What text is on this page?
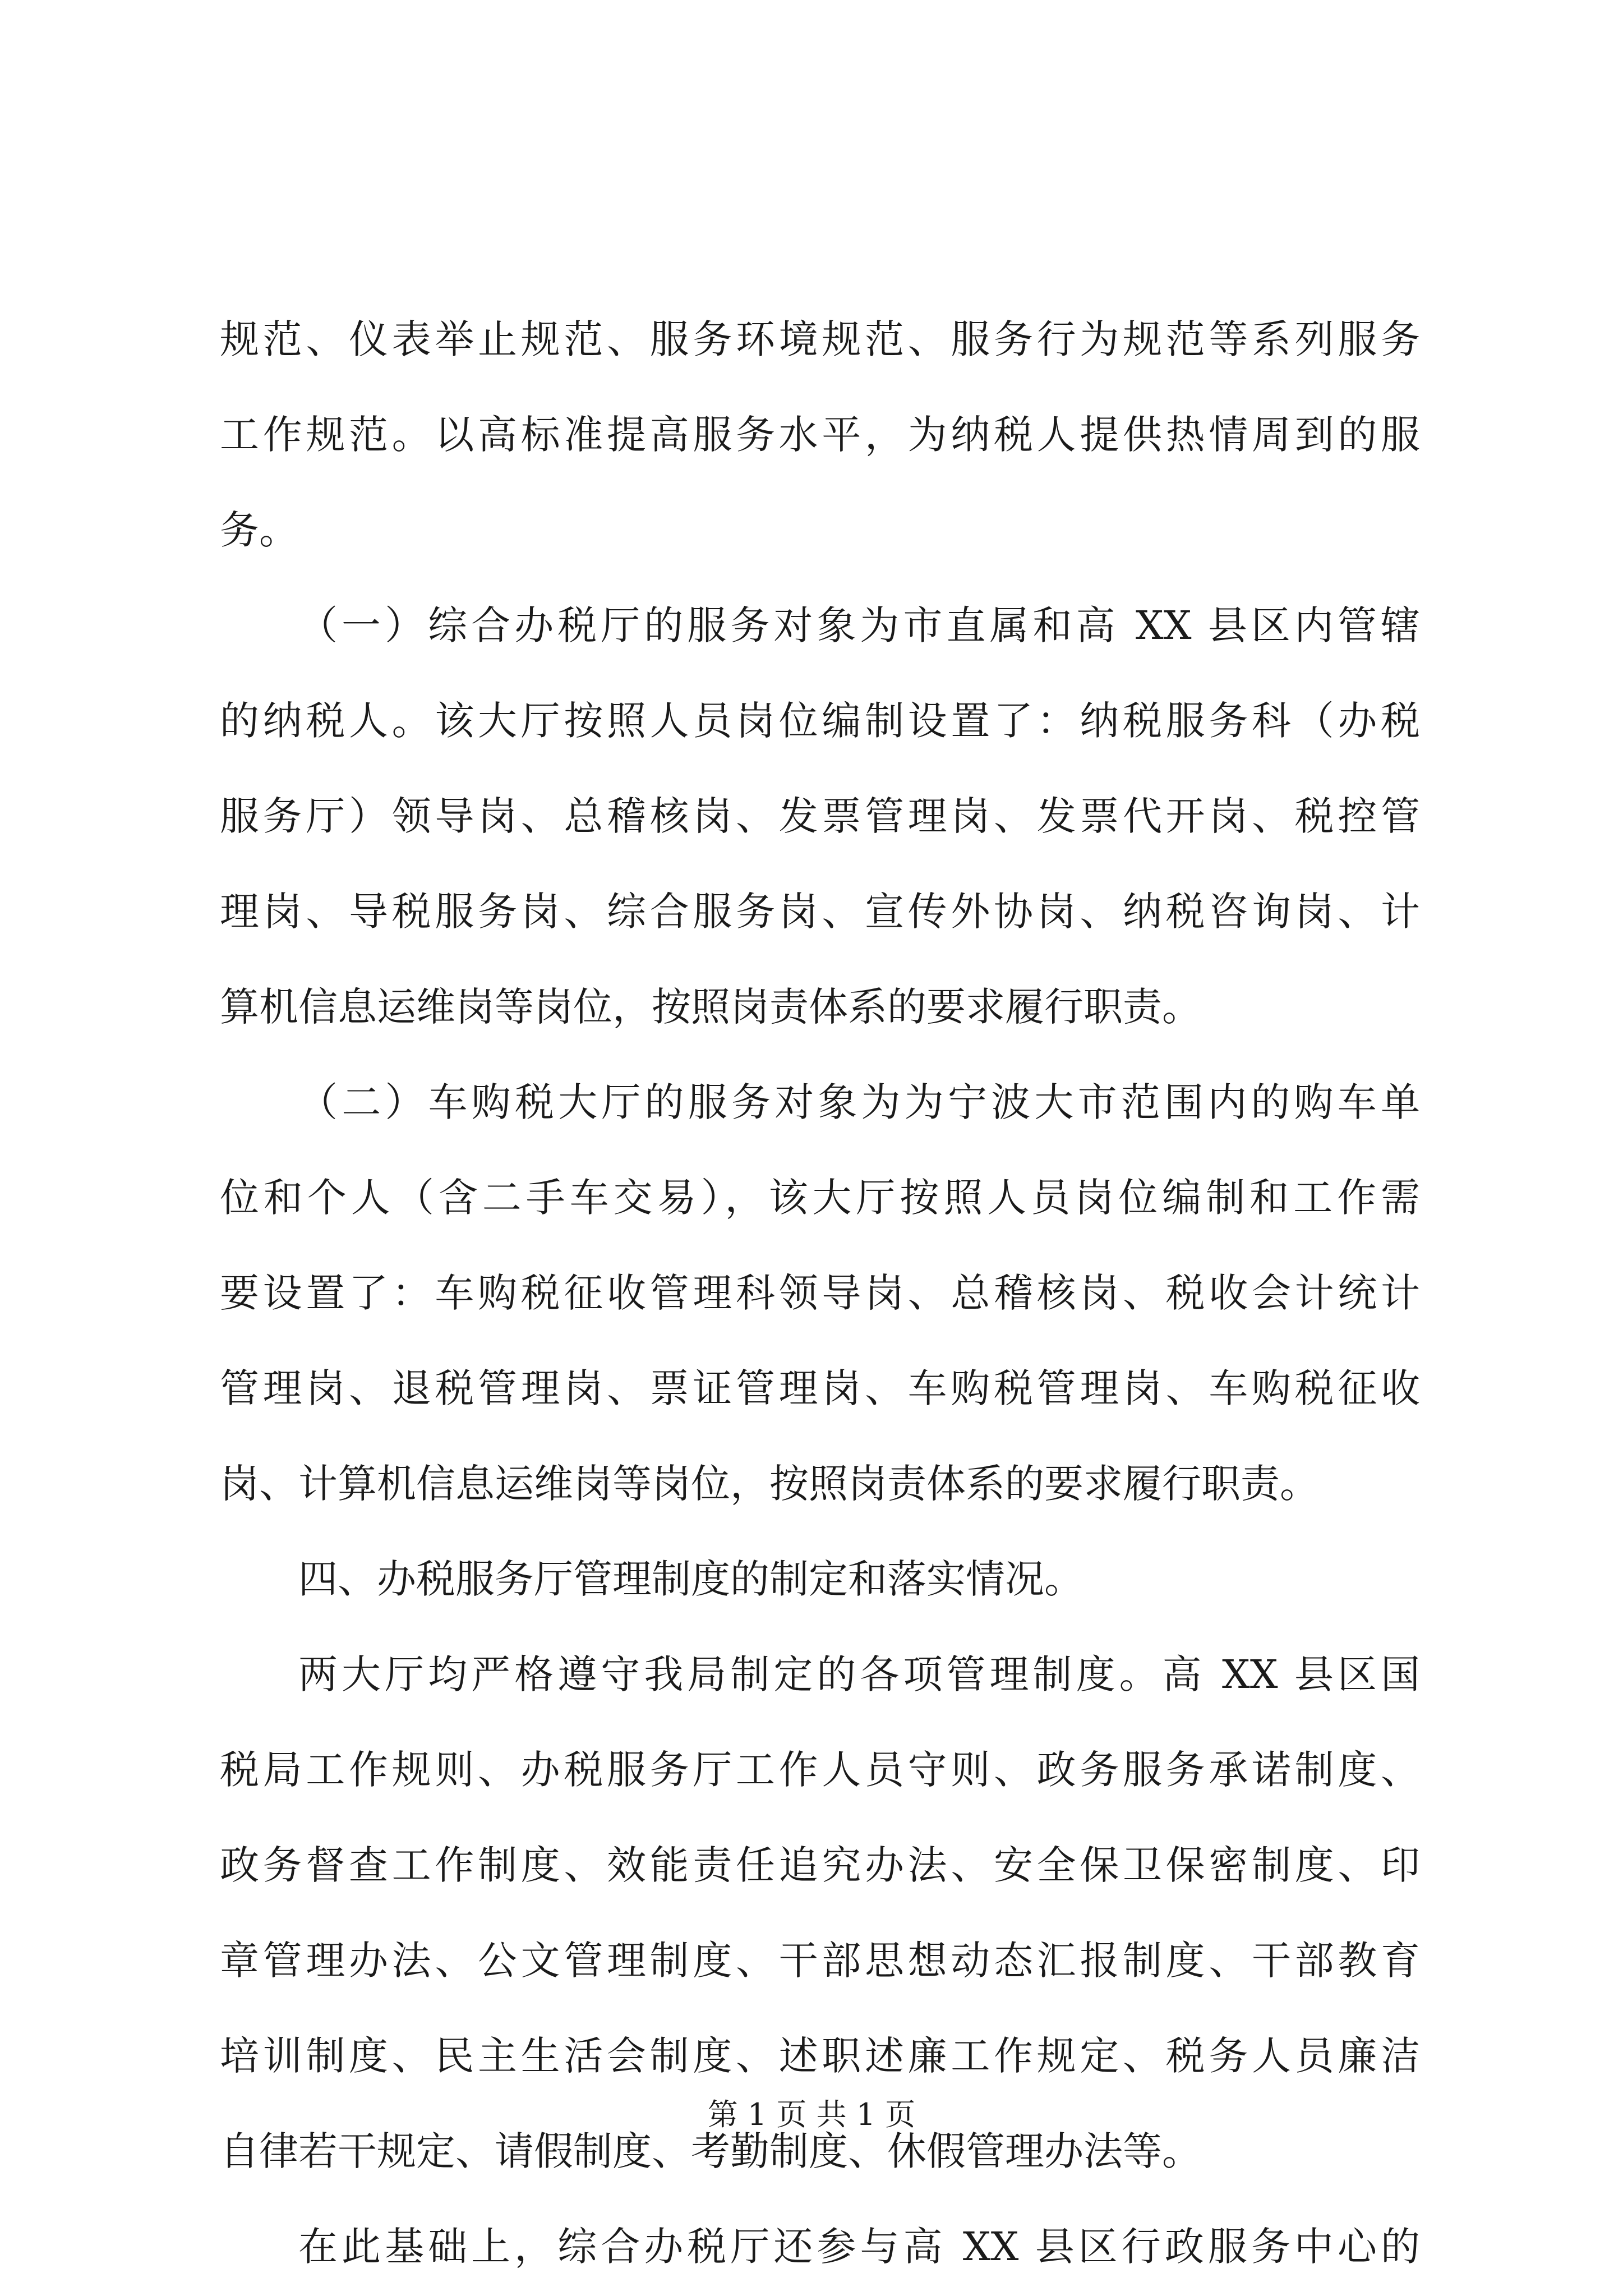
规范、仪表举止规范、服务环境规范、服务行为规范等系列服务
工作规范。以高标准提高服务水平，为纳税人提供热情周到的服
务。
（一）综合办税厅的服务对象为市直属和高 XX 县区内管辖
的纳税人。该大厅按照人员岗位编制设置了：纳税服务科（办税
服务厅）领导岗、总稽核岗、发票管理岗、发票代开岗、税控管
理岗、导税服务岗、综合服务岗、宣传外协岗、纳税咨询岗、计
算机信息运维岗等岗位，按照岗责体系的要求履行职责。
（二）车购税大厅的服务对象为为宁波大市范围内的购车单
位和个人（含二手车交易），该大厅按照人员岗位编制和工作需
要设置了：车购税征收管理科领导岗、总稽核岗、税收会计统计
管理岗、退税管理岗、票证管理岗、车购税管理岗、车购税征收
岗、计算机信息运维岗等岗位，按照岗责体系的要求履行职责。
四、办税服务厅管理制度的制定和落实情况。
两大厅均严格遵守我局制定的各项管理制度。高 XX 县区国
税局工作规则、办税服务厅工作人员守则、政务服务承诺制度、
政务督查工作制度、效能责任追究办法、安全保卫保密制度、印
章管理办法、公文管理制度、干部思想动态汇报制度、干部教育
培训制度、民主生活会制度、述职述廉工作规定、税务人员廉洁
自律若干规定、请假制度、考勤制度、休假管理办法等。
在此基础上，综合办税厅还参与高 XX 县区行政服务中心的
第 1 页 共 1 页
